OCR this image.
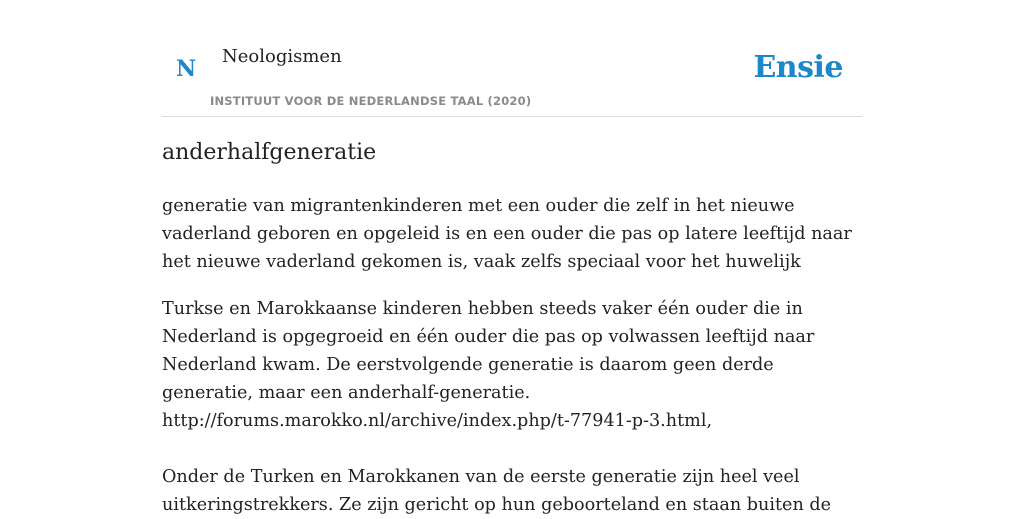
N Neologismen
INSTITUUT VOOR DE NEDERLANDSE TAAL (2020)
Ensie
anderhalfgeneratie
generatie van migrantenkinderen met een ouder die zelf in het nieuwe vaderland geboren en opgeleid is en een ouder die pas op latere leeftijd naar het nieuwe vaderland gekomen is, vaak zelfs speciaal voor het huwelijk
Turkse en Marokkaanse kinderen hebben steeds vaker één ouder die in Nederland is opgegroeid en één ouder die pas op volwassen leeftijd naar Nederland kwam. De eerstvolgende generatie is daarom geen derde generatie, maar een anderhalf-generatie.
http://forums.marokko.nl/archive/index.php/t-77941-p-3.html,
Onder de Turken en Marokkanen van de eerste generatie zijn heel veel uitkeringstrekkers. Ze zijn gericht op hun geboorteland en staan buiten de
